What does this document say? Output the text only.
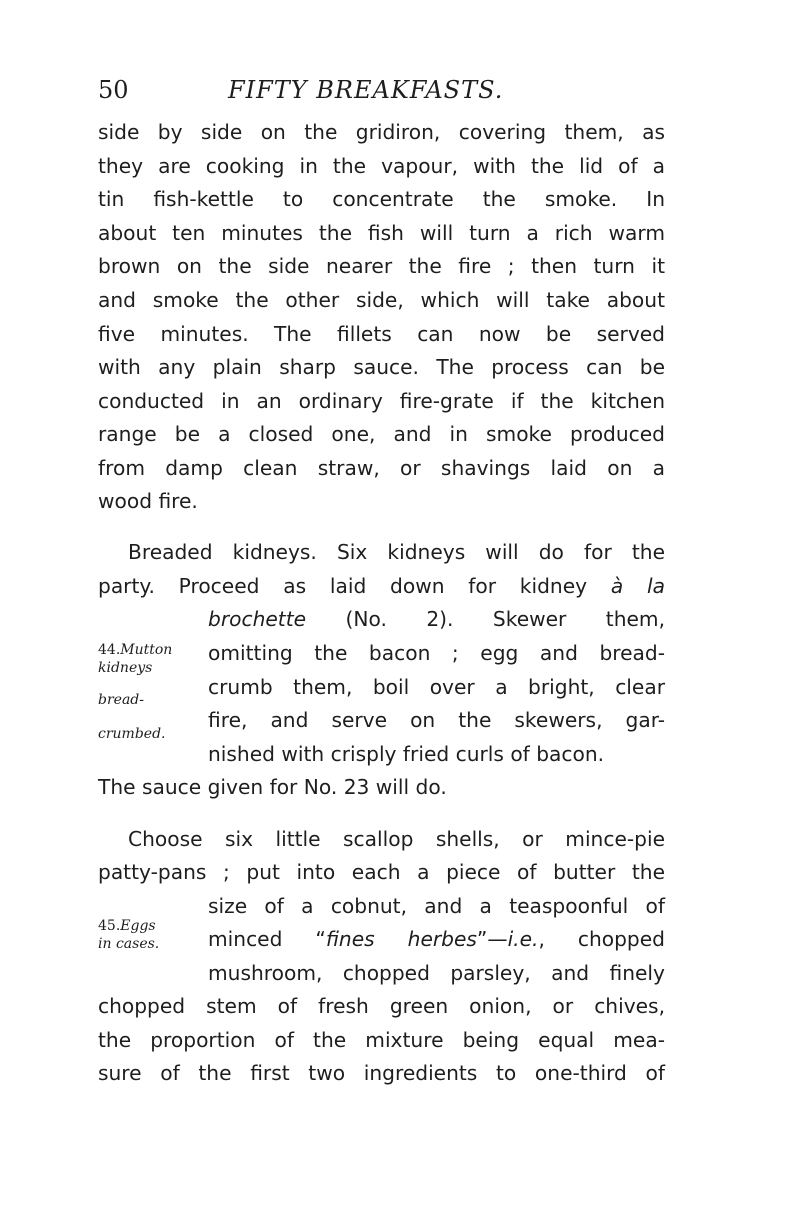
50	FIFTY BREAKFASTS.
side by side on the gridiron, covering them, as
they are cooking in the vapour, with the lid of a
tin fish-kettle to concentrate the smoke. In
about ten minutes the fish will turn a rich warm
brown on the side nearer the fire ; then turn it
and smoke the other side, which will take about
five minutes. The fillets can now be served
with any plain sharp sauce. The process can be
conducted in an ordinary fire-grate if the kitchen
range be a closed one, and in smoke produced
from damp clean straw, or shavings laid on a
wood fire.
Breaded kidneys. Six kidneys will do for the
party. Proceed as laid down for kidney à la
brochette (No. 2). Skewer them,
omitting the bacon ; egg and bread-
crumb them, boil over a bright, clear
fire, and serve on the skewers, gar-
nished with crisply fried curls of bacon.
The sauce given for No. 23 will do.
44.Mutton
kidneys
bread-
crumbed.
Choose six little scallop shells, or mince-pie
patty-pans ; put into each a piece of butter the
size of a cobnut, and a teaspoonful of
minced “fines herbes”—i.e., chopped
mushroom, chopped parsley, and finely
chopped stem of fresh green onion, or chives,
the proportion of the mixture being equal mea-
sure of the first two ingredients to one-third of
45.Eggs
in cases.
